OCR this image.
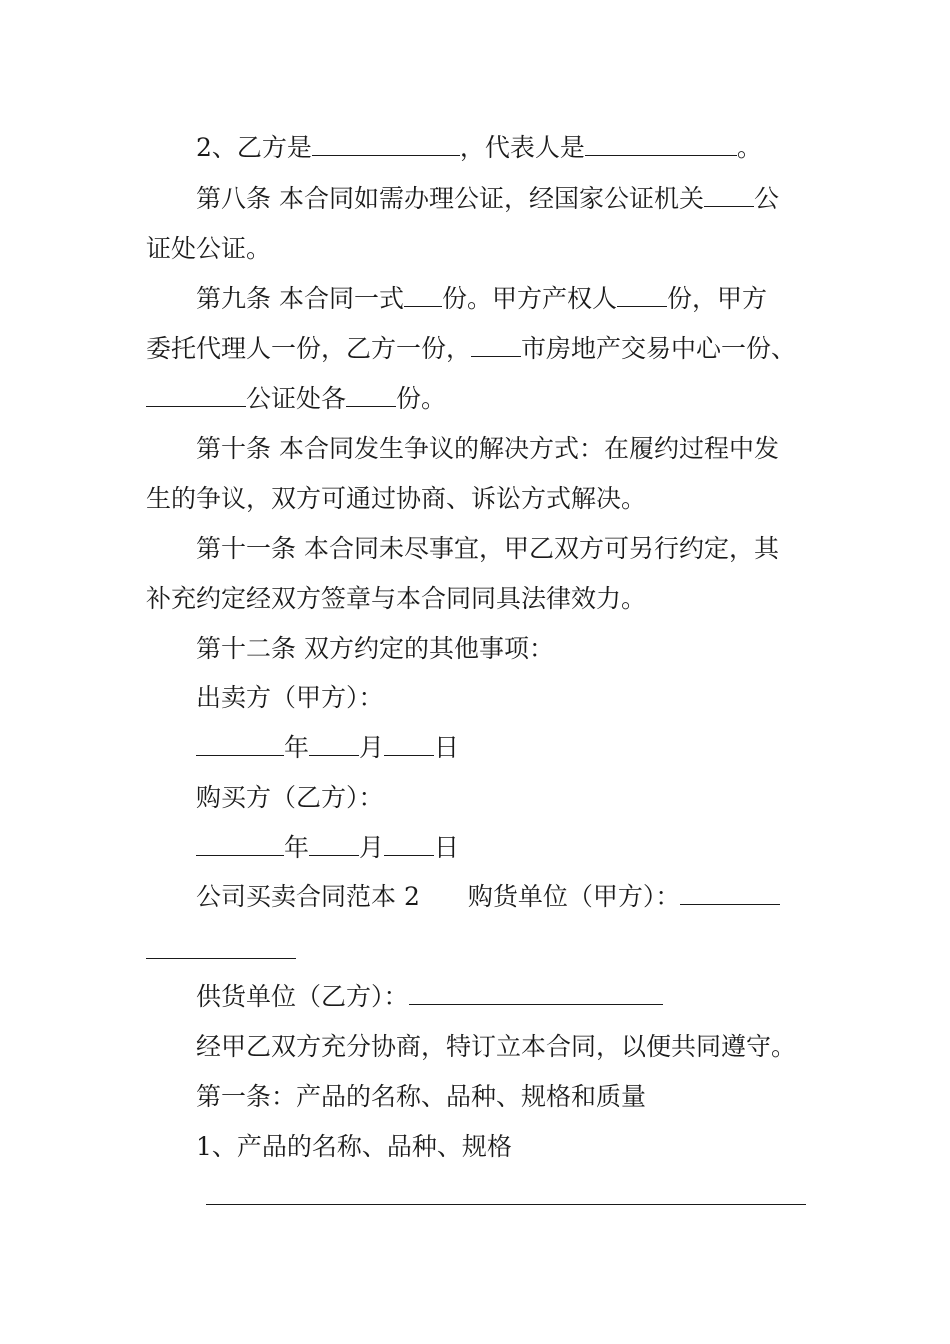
2、乙方是	，代表人是	。
第八条 本合同如需办理公证，经国家公证机关 公
证处公证。
第九条 本合同一式 份。甲方产权人 份，甲方
委托代理人一份，乙方一份， 市房地产交易中心一份、
公证处各 份。
第十条 本合同发生争议的解决方式：在履约过程中发
生的争议，双方可通过协商、诉讼方式解决。
第十一条 本合同未尽事宜，甲乙双方可另行约定，其
补充约定经双方签章与本合同同具法律效力。
第十二条 双方约定的其他事项：
出卖方（甲方）：
年 月 日
购买方（乙方）：
年 月 日
公司买卖合同范本 2 购货单位（甲方）：
供货单位（乙方）：
经甲乙双方充分协商，特订立本合同，以便共同遵守。
第一条：产品的名称、品种、规格和质量
1、产品的名称、品种、规格
